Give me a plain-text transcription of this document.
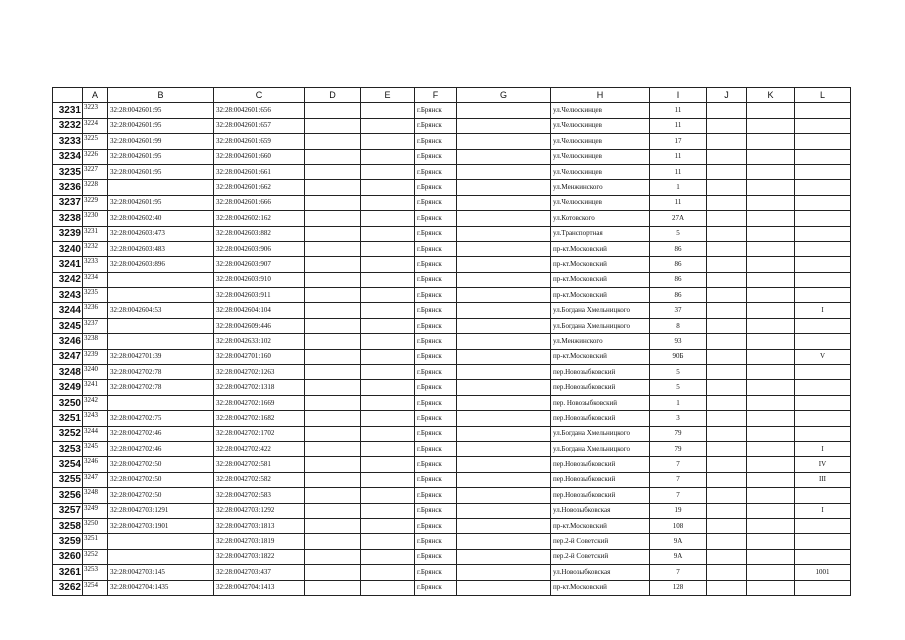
	A	B	C	D	E	F	G	H	I	J	K	L
3231	3223	32:28:0042601:95	32:28:0042601:656			г.Брянск		ул.Челюскинцев	11			
3232	3224	32:28:0042601:95	32:28:0042601:657			г.Брянск		ул.Челюскинцев	11			
3233	3225	32:28:0042601:99	32:28:0042601:659			г.Брянск		ул.Челюскинцев	17			
3234	3226	32:28:0042601:95	32:28:0042601:660			г.Брянск		ул.Челюскинцев	11			
3235	3227	32:28:0042601:95	32:28:0042601:661			г.Брянск		ул.Челюскинцев	11			
3236	3228		32:28:0042601:662			г.Брянск		ул.Менжинского	1			
3237	3229	32:28:0042601:95	32:28:0042601:666			г.Брянск		ул.Челюскинцев	11			
3238	3230	32:28:0042602:40	32:28:0042602:162			г.Брянск		ул.Котовского	27А			
3239	3231	32:28:0042603:473	32:28:0042603:882			г.Брянск		ул.Транспортная	5			
3240	3232	32:28:0042603:483	32:28:0042603:906			г.Брянск		пр-кт.Московский	86			
3241	3233	32:28:0042603:896	32:28:0042603:907			г.Брянск		пр-кт.Московский	86			
3242	3234		32:28:0042603:910			г.Брянск		пр-кт.Московский	86			
3243	3235		32:28:0042603:911			г.Брянск		пр-кт.Московский	86			
3244	3236	32:28:0042604:53	32:28:0042604:104			г.Брянск		ул.Богдана Хмельницкого	37			I
3245	3237		32:28:0042609:446			г.Брянск		ул.Богдана Хмельницкого	8			
3246	3238		32:28:0042633:102			г.Брянск		ул.Менжинского	93			
3247	3239	32:28:0042701:39	32:28:0042701:160			г.Брянск		пр-кт.Московский	90Б			V
3248	3240	32:28:0042702:78	32:28:0042702:1263			г.Брянск		пер.Новозыбковский	5			
3249	3241	32:28:0042702:78	32:28:0042702:1318			г.Брянск		пер.Новозыбковский	5			
3250	3242		32:28:0042702:1669			г.Брянск		пер. Новозыбковский	1			
3251	3243	32:28:0042702:75	32:28:0042702:1682			г.Брянск		пер.Новозыбковский	3			
3252	3244	32:28:0042702:46	32:28:0042702:1702			г.Брянск		ул.Богдана Хмельницкого	79			
3253	3245	32:28:0042702:46	32:28:0042702:422			г.Брянск		ул.Богдана Хмельницкого	79			I
3254	3246	32:28:0042702:50	32:28:0042702:581			г.Брянск		пер.Новозыбковский	7			IV
3255	3247	32:28:0042702:50	32:28:0042702:582			г.Брянск		пер.Новозыбковский	7			III
3256	3248	32:28:0042702:50	32:28:0042702:583			г.Брянск		пер.Новозыбковский	7			
3257	3249	32:28:0042703:1291	32:28:0042703:1292			г.Брянск		ул.Новозыбковская	19			I
3258	3250	32:28:0042703:1901	32:28:0042703:1813			г.Брянск		пр-кт.Московский	108			
3259	3251		32:28:0042703:1819			г.Брянск		пер.2-й Советский	9А			
3260	3252		32:28:0042703:1822			г.Брянск		пер.2-й Советский	9А			
3261	3253	32:28:0042703:145	32:28:0042703:437			г.Брянск		ул.Новозыбковская	7			1001
3262	3254	32:28:0042704:1435	32:28:0042704:1413			г.Брянск		пр-кт.Московский	128			
